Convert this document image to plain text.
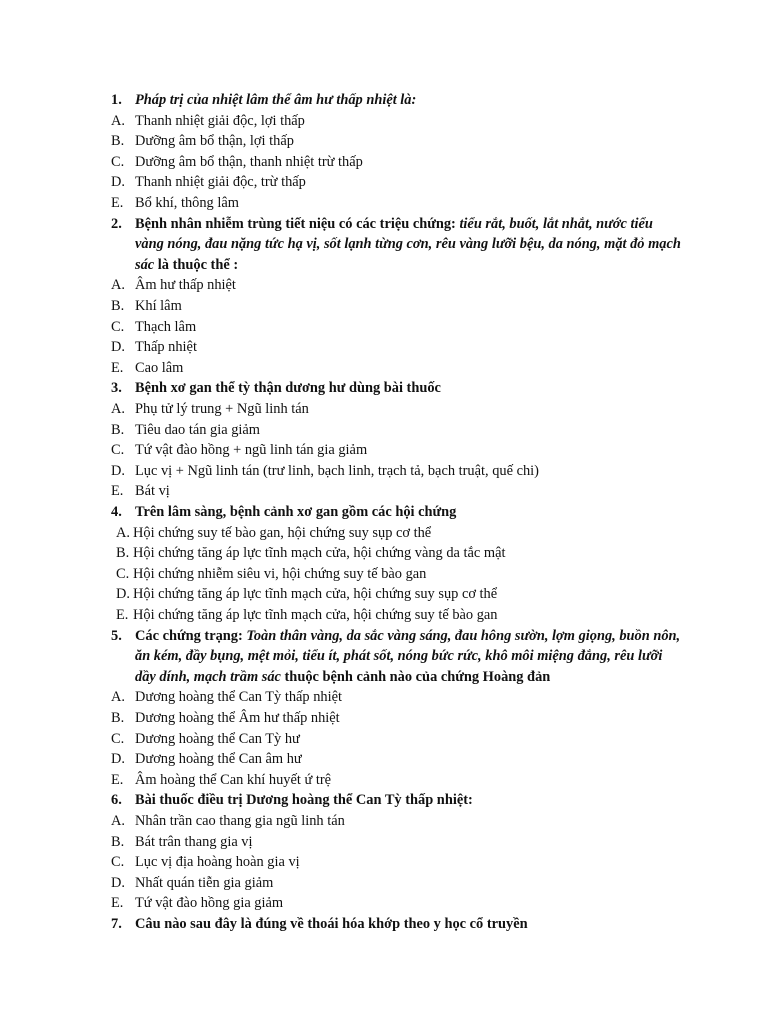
1. Pháp trị của nhiệt lâm thể âm hư thấp nhiệt là:
A. Thanh nhiệt giải độc, lợi thấp
B. Dưỡng âm bổ thận, lợi thấp
C. Dưỡng âm bổ thận, thanh nhiệt trừ thấp
D. Thanh nhiệt giải độc, trừ thấp
E. Bổ khí, thông lâm
2. Bệnh nhân nhiễm trùng tiết niệu có các triệu chứng: tiểu rắt, buốt, lắt nhắt, nước tiểu
vàng nóng, đau nặng tức hạ vị, sốt lạnh từng cơn, rêu vàng lưỡi bệu, da nóng, mặt đỏ mạch
sác là thuộc thể :
A. Âm hư thấp nhiệt
B. Khí lâm
C. Thạch lâm
D. Thấp nhiệt
E. Cao lâm
3. Bệnh xơ gan thể tỳ thận dương hư dùng bài thuốc
A. Phụ tử lý trung + Ngũ linh tán
B. Tiêu dao tán gia giảm
C. Tứ vật đào hồng + ngũ linh tán gia giảm
D. Lục vị + Ngũ linh tán (trư linh, bạch linh, trạch tả, bạch truật, quế chi)
E. Bát vị
4. Trên lâm sàng, bệnh cảnh xơ gan gồm các hội chứng
A. Hội chứng suy tế bào gan, hội chứng suy sụp cơ thể
B. Hội chứng tăng áp lực tĩnh mạch cửa, hội chứng vàng da tắc mật
C. Hội chứng nhiễm siêu vi, hội chứng suy tế bào gan
D. Hội chứng tăng áp lực tĩnh mạch cửa, hội chứng suy sụp cơ thể
E. Hội chứng tăng áp lực tĩnh mạch cửa, hội chứng suy tế bào gan
5. Các chứng trạng: Toàn thân vàng, da sắc vàng sáng, đau hông sườn, lợm giọng, buồn nôn,
ăn kém, đầy bụng, mệt mỏi, tiểu ít, phát sốt, nóng bức rức, khô môi miệng đắng, rêu lưỡi
dầy dính, mạch trầm sác thuộc bệnh cảnh nào của chứng Hoàng đản
A. Dương hoàng thể Can Tỳ thấp nhiệt
B. Dương hoàng thể Âm hư thấp nhiệt
C. Dương hoàng thể Can Tỳ hư
D. Dương hoàng thể Can âm hư
E. Âm hoàng thể Can khí huyết ứ trệ
6. Bài thuốc điều trị Dương hoàng thể Can Tỳ thấp nhiệt:
A. Nhân trần cao thang gia ngũ linh tán
B. Bát trân thang gia vị
C. Lục vị địa hoàng hoàn gia vị
D. Nhất quán tiễn gia giảm
E. Tứ vật đào hồng gia giảm
7. Câu nào sau đây là đúng về thoái hóa khớp theo y học cổ truyền
